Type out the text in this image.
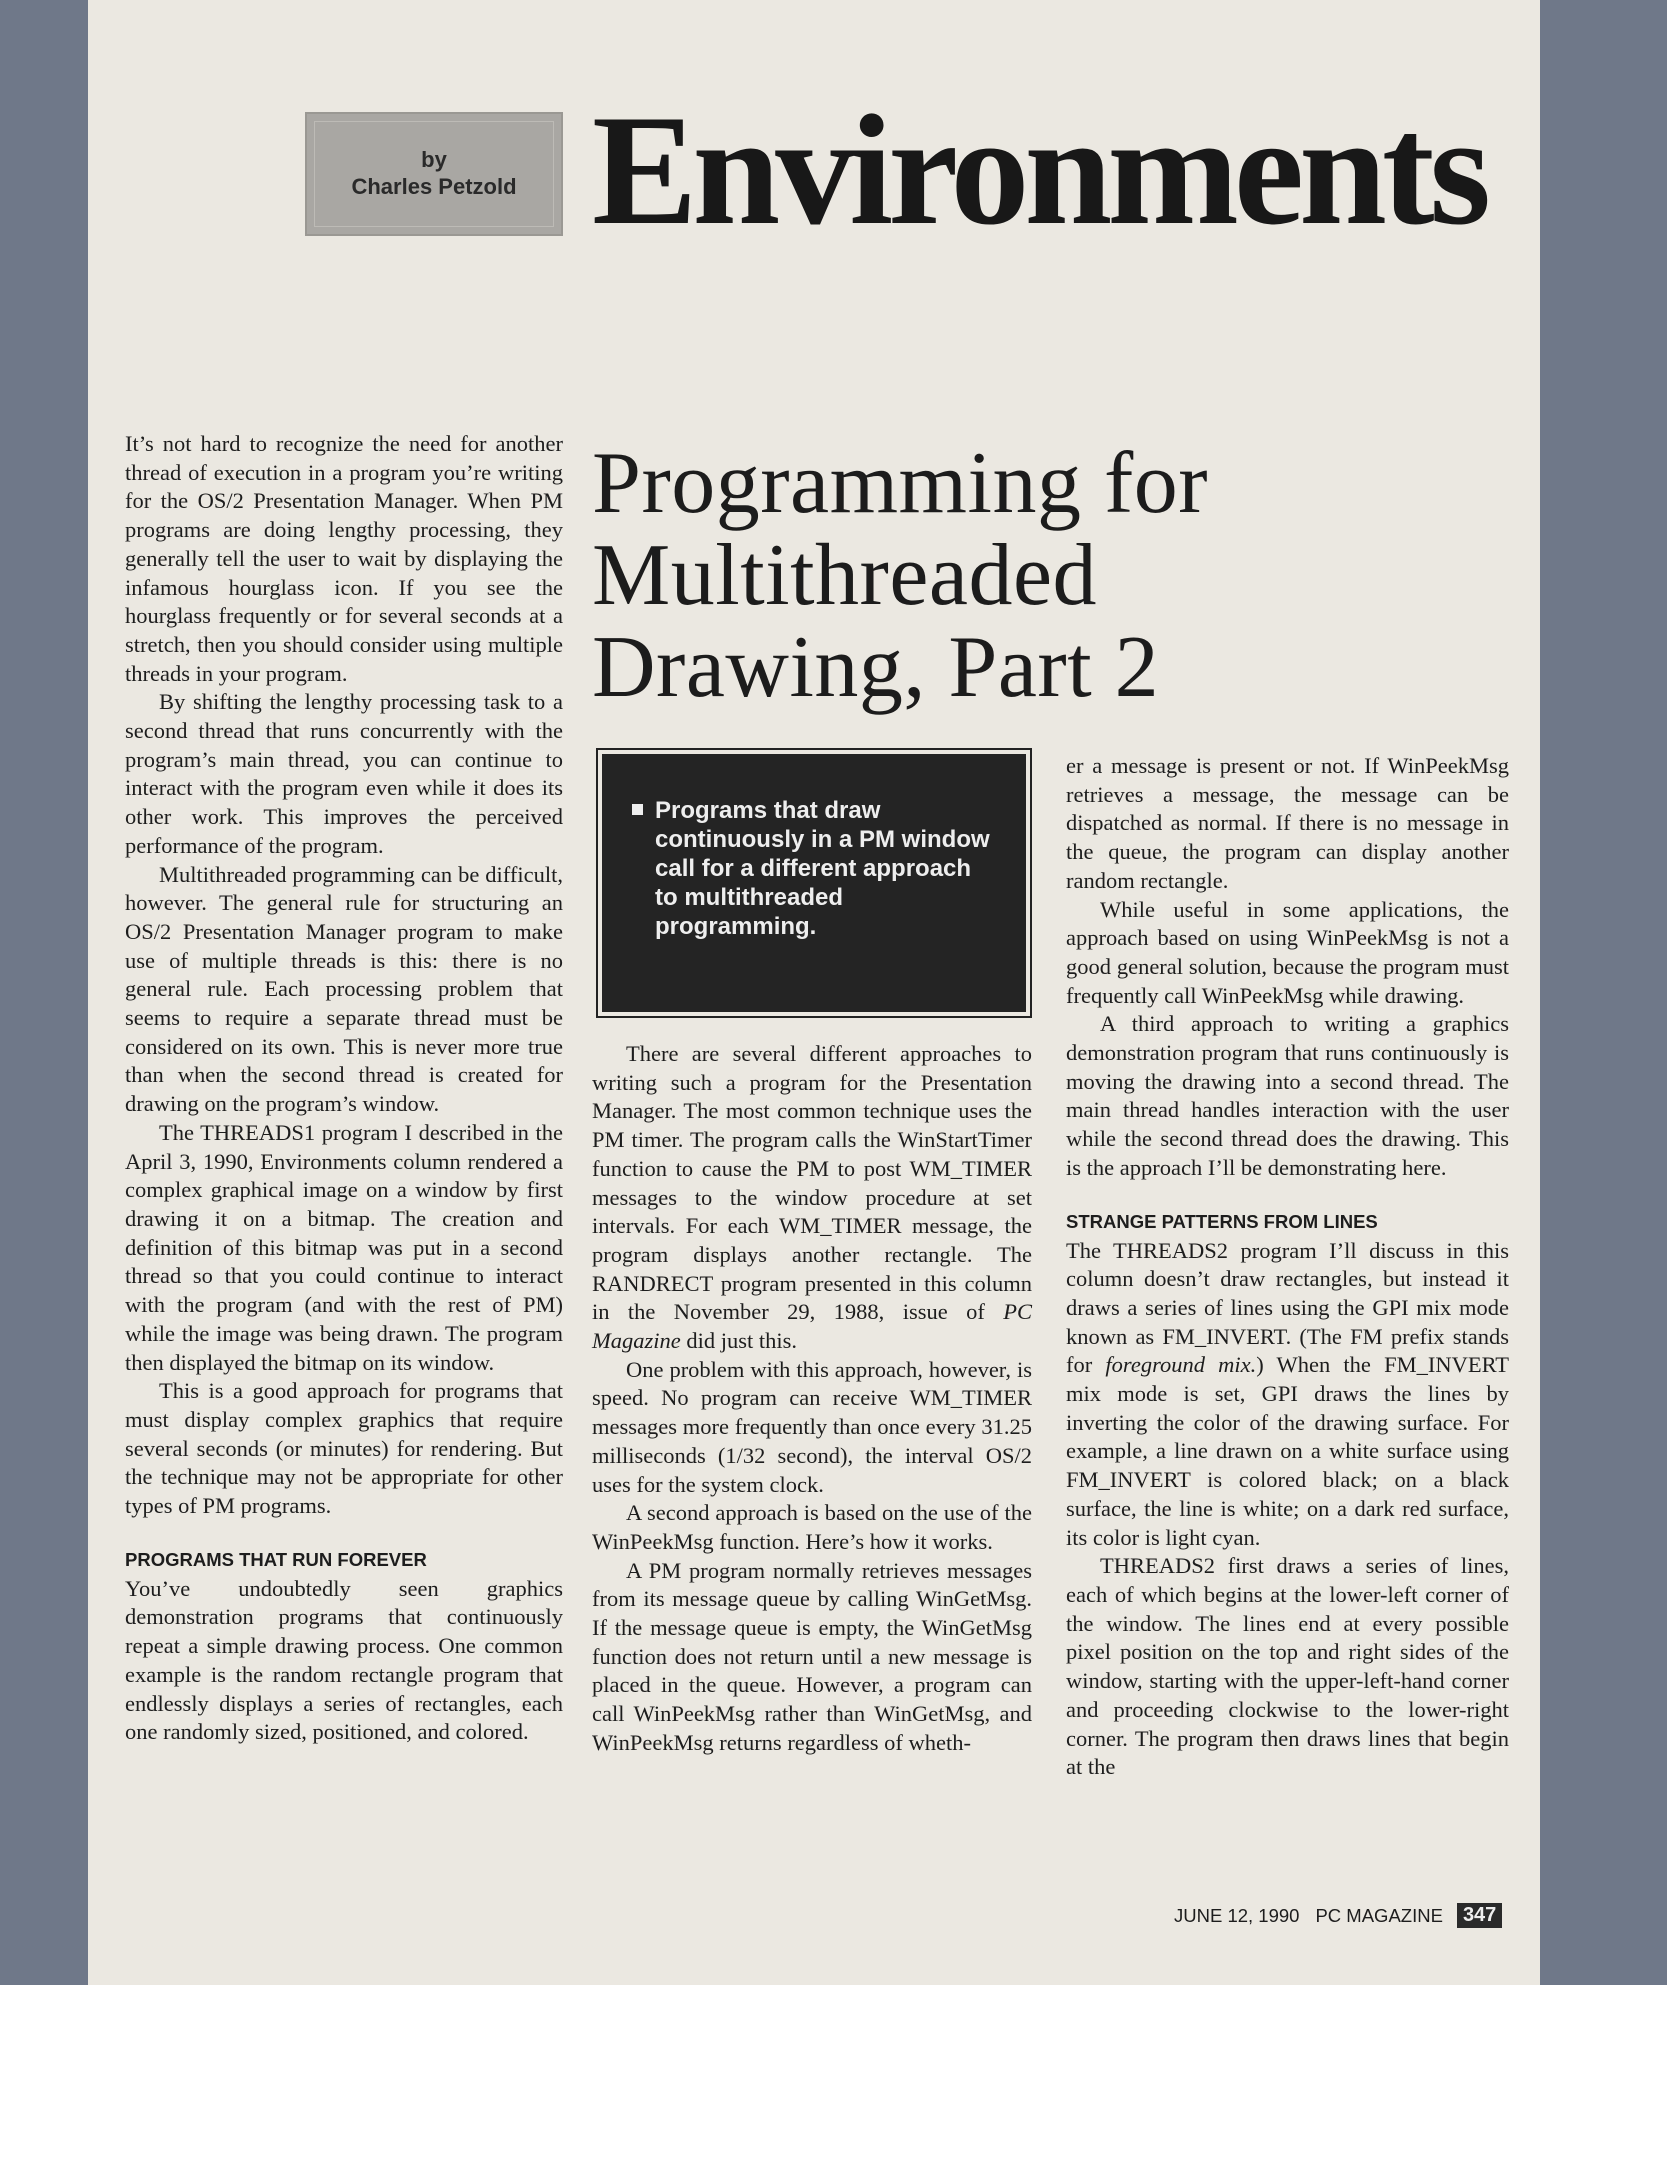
by
Charles Petzold Environments
Programming for
Multithreaded
Drawing, Part 2

It’s not hard to recognize the need for another thread of execution in a program you’re writing for the OS/2 Presentation Manager. When PM programs are doing lengthy processing, they generally tell the user to wait by displaying the infamous hourglass icon. If you see the hourglass frequently or for several seconds at a stretch, then you should consider using multiple threads in your program.

By shifting the lengthy processing task to a second thread that runs concurrently with the program’s main thread, you can continue to interact with the program even while it does its other work. This improves the perceived performance of the program.

Multithreaded programming can be difficult, however. The general rule for structuring an OS/2 Presentation Manager program to make use of multiple threads is this: there is no general rule. Each processing problem that seems to require a separate thread must be considered on its own. This is never more true than when the second thread is created for drawing on the program’s window.

The THREADS1 program I described in the April 3, 1990, Environments column rendered a complex graphical image on a window by first drawing it on a bitmap. The creation and definition of this bitmap was put in a second thread so that you could continue to interact with the program (and with the rest of PM) while the image was being drawn. The program then displayed the bitmap on its window.

This is a good approach for programs that must display complex graphics that require several seconds (or minutes) for rendering. But the technique may not be appropriate for other types of PM programs.

PROGRAMS THAT RUN FOREVER

You’ve undoubtedly seen graphics demonstration programs that continuously repeat a simple drawing process. One common example is the random rectangle program that endlessly displays a series of rectangles, each one randomly sized, positioned, and colored.

Programs that draw continuously in a PM window call for a different approach to multithreaded programming.

There are several different approaches to writing such a program for the Presentation Manager. The most common technique uses the PM timer. The program calls the WinStartTimer function to cause the PM to post WM_TIMER messages to the window procedure at set intervals. For each WM_TIMER message, the program displays another rectangle. The RANDRECT program presented in this column in the November 29, 1988, issue of PC Magazine did just this.

One problem with this approach, however, is speed. No program can receive WM_TIMER messages more frequently than once every 31.25 milliseconds (1/32 second), the interval OS/2 uses for the system clock.

A second approach is based on the use of the WinPeekMsg function. Here’s how it works.

A PM program normally retrieves messages from its message queue by calling WinGetMsg. If the message queue is empty, the WinGetMsg function does not return until a new message is placed in the queue. However, a program can call WinPeekMsg rather than WinGetMsg, and WinPeekMsg returns regardless of wheth-

er a message is present or not. If WinPeekMsg retrieves a message, the message can be dispatched as normal. If there is no message in the queue, the program can display another random rectangle.

While useful in some applications, the approach based on using WinPeekMsg is not a good general solution, because the program must frequently call WinPeekMsg while drawing.

A third approach to writing a graphics demonstration program that runs continuously is moving the drawing into a second thread. The main thread handles interaction with the user while the second thread does the drawing. This is the approach I’ll be demonstrating here.

STRANGE PATTERNS FROM LINES

The THREADS2 program I’ll discuss in this column doesn’t draw rectangles, but instead it draws a series of lines using the GPI mix mode known as FM_INVERT. (The FM prefix stands for foreground mix.) When the FM_INVERT mix mode is set, GPI draws the lines by inverting the color of the drawing surface. For example, a line drawn on a white surface using FM_INVERT is colored black; on a black surface, the line is white; on a dark red surface, its color is light cyan.

THREADS2 first draws a series of lines, each of which begins at the lower-left corner of the window. The lines end at every possible pixel position on the top and right sides of the window, starting with the upper-left-hand corner and proceeding clockwise to the lower-right corner. The program then draws lines that begin at the

JUNE 12, 1990 PC MAGAZINE	347
